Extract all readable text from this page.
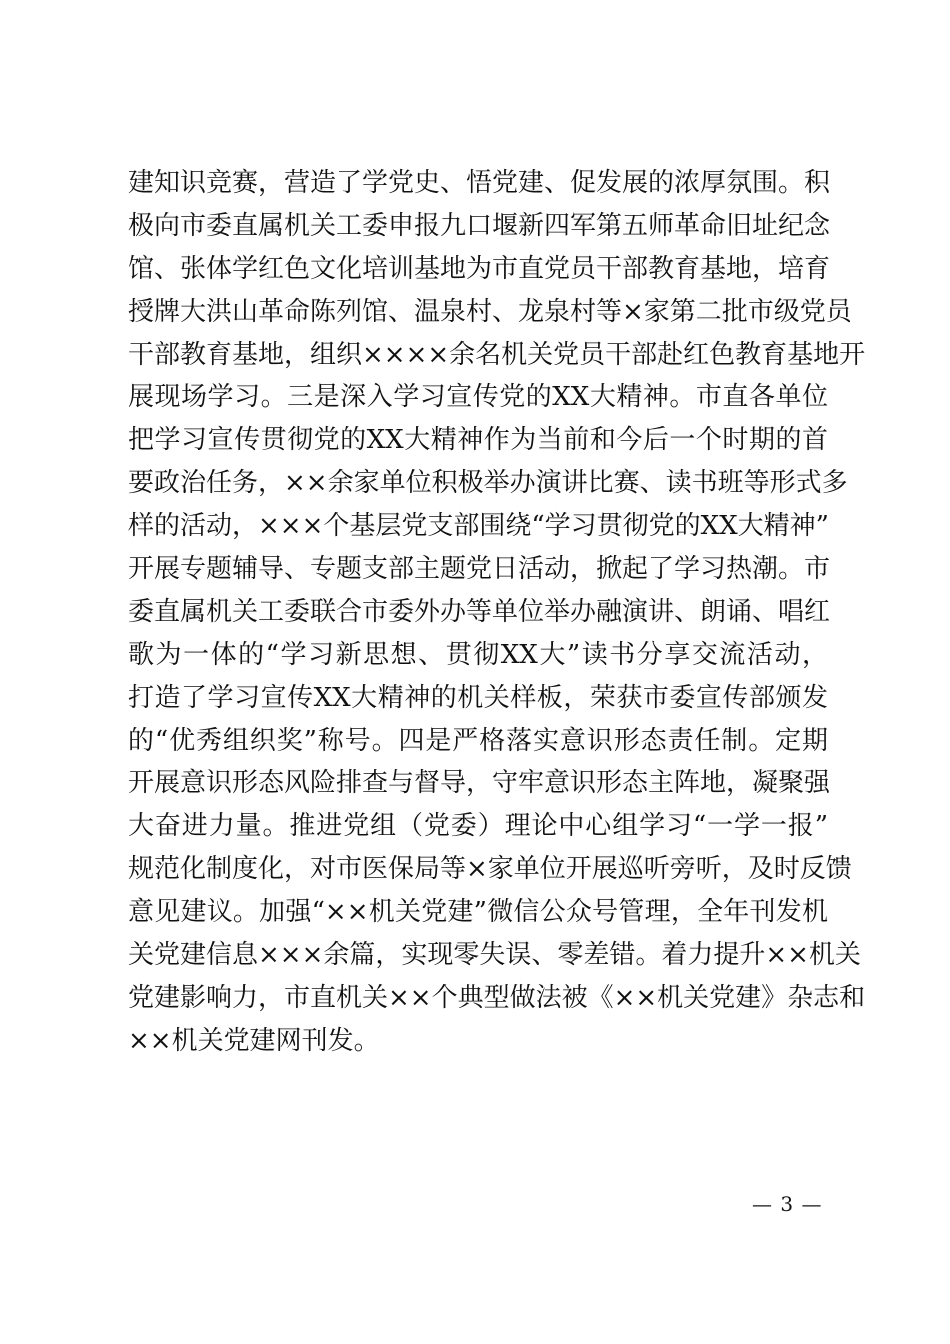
建知识竞赛，营造了学党史、悟党建、促发展的浓厚氛围。积
极向市委直属机关工委申报九口堰新四军第五师革命旧址纪念
馆、张体学红色文化培训基地为市直党员干部教育基地，培育
授牌大洪山革命陈列馆、温泉村、龙泉村等×家第二批市级党员
干部教育基地，组织××××余名机关党员干部赴红色教育基地开
展现场学习。三是深入学习宣传党的XX大精神。市直各单位
把学习宣传贯彻党的XX大精神作为当前和今后一个时期的首
要政治任务，××余家单位积极举办演讲比赛、读书班等形式多
样的活动，×××个基层党支部围绕“学习贯彻党的XX大精神”
开展专题辅导、专题支部主题党日活动，掀起了学习热潮。市
委直属机关工委联合市委外办等单位举办融演讲、朗诵、唱红
歌为一体的“学习新思想、贯彻XX大”读书分享交流活动，
打造了学习宣传XX大精神的机关样板，荣获市委宣传部颁发
的“优秀组织奖”称号。四是严格落实意识形态责任制。定期
开展意识形态风险排查与督导，守牢意识形态主阵地，凝聚强
大奋进力量。推进党组（党委）理论中心组学习“一学一报”
规范化制度化，对市医保局等×家单位开展巡听旁听，及时反馈
意见建议。加强“××机关党建”微信公众号管理，全年刊发机
关党建信息×××余篇，实现零失误、零差错。着力提升××机关
党建影响力，市直机关××个典型做法被《××机关党建》杂志和
××机关党建网刊发。
— 3 —
